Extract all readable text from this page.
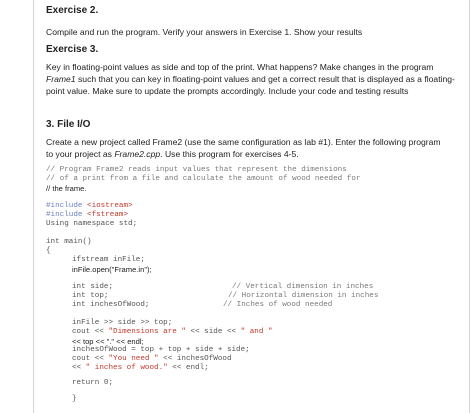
Exercise 2.
Compile and run the program. Verify your answers in Exercise 1. Show your results
Exercise 3.
Key in floating-point values as side and top of the print. What happens? Make changes in the program
Frame1 such that you can key in floating-point values and get a correct result that is displayed as a floating-
point value. Make sure to update the prompts accordingly. Include your code and testing results
3. File I/O
Create a new project called Frame2 (use the same configuration as lab #1). Enter the following program
to your project as Frame2.cpp. Use this program for exercises 4-5.
// Program Frame2 reads input values that represent the dimensions
// of a print from a file and calculate the amount of wood needed for
// the frame.
#include <iostream>
#include <fstream>
Using namespace std;
int main()
{
ifstream inFile;
inFile.open("Frame.in");
int side;
int top;
int inchesOfWood;
// Vertical dimension in inches
// Horizontal dimension in inches
// Inches of wood needed
inFile >> side >> top;
cout << "Dimensions are " << side << " and "
<< top << "." << endl;
inchesOfWood = top + top + side + side;
cout << "You need " << inchesOfWood
<< " inches of wood." << endl;
return 0;
}
